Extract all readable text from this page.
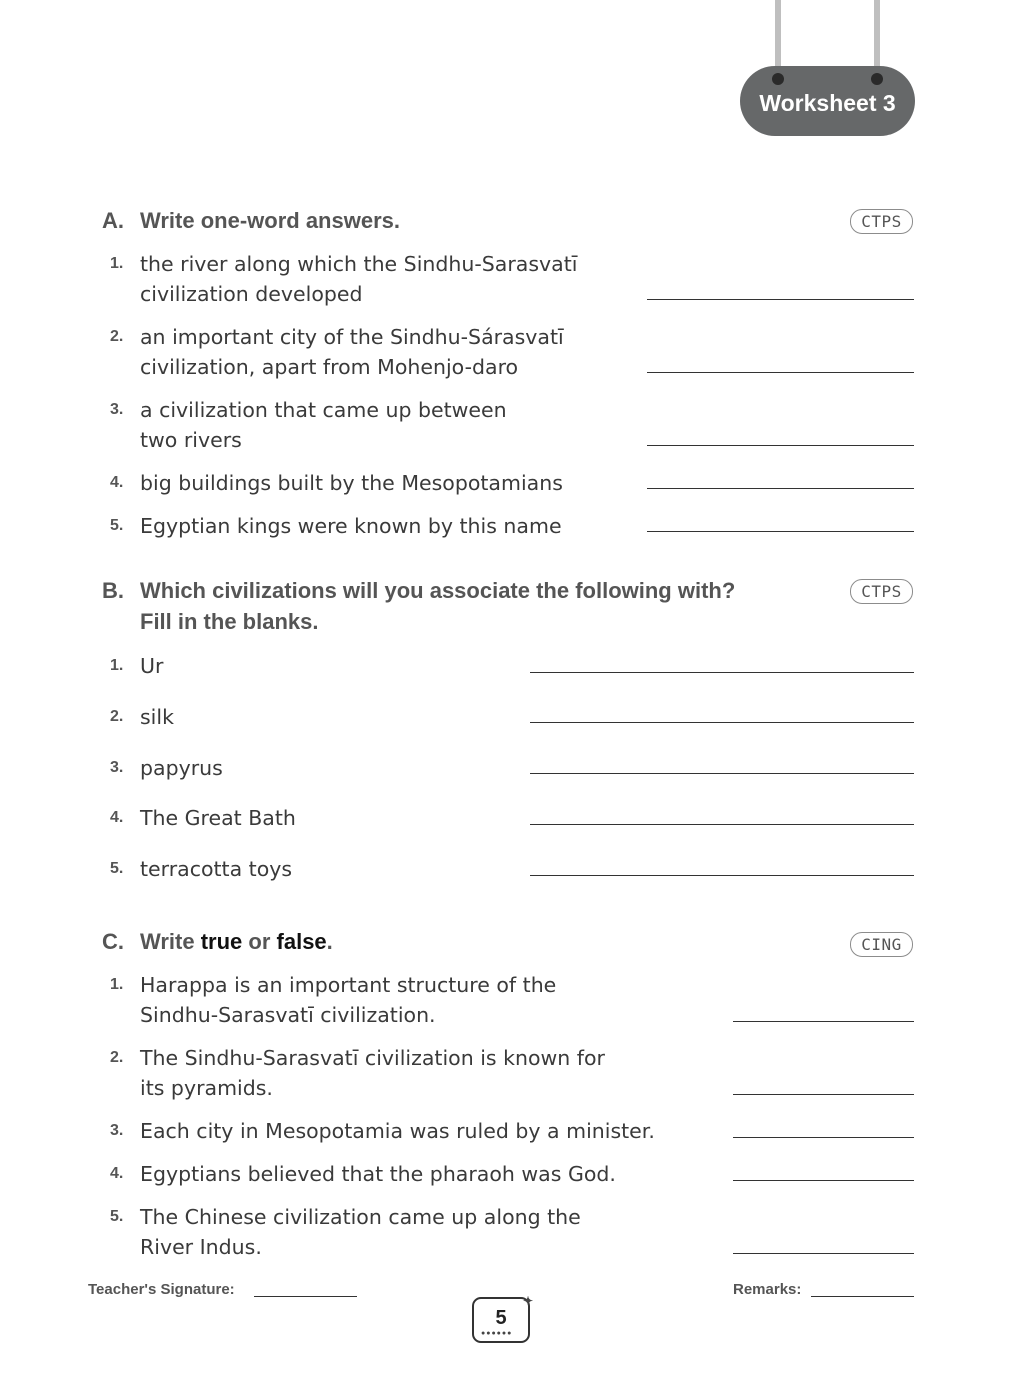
Worksheet 3
A. Write one-word answers.	CTPS
1. the river along which the Sindhu-Sarasvatī
civilization developed
2. an important city of the Sindhu-Sárasvatī
civilization, apart from Mohenjo-daro
3. a civilization that came up between
two rivers
4. big buildings built by the Mesopotamians
5. Egyptian kings were known by this name
B. Which civilizations will you associate the following with?
Fill in the blanks.
CTPS
1. Ur
2. silk
3. papyrus
4. The Great Bath
5. terracotta toys
C. Write true or false.	CING
1. Harappa is an important structure of the
Sindhu-Sarasvatī civilization.
2. The Sindhu-Sarasvatī civilization is known for
its pyramids.
3. Each city in Mesopotamia was ruled by a minister.
4. Egyptians believed that the pharaoh was God.
5. The Chinese civilization came up along the
River Indus.
Teacher's Signature:	Remarks:
5
●●●●●●
✦
